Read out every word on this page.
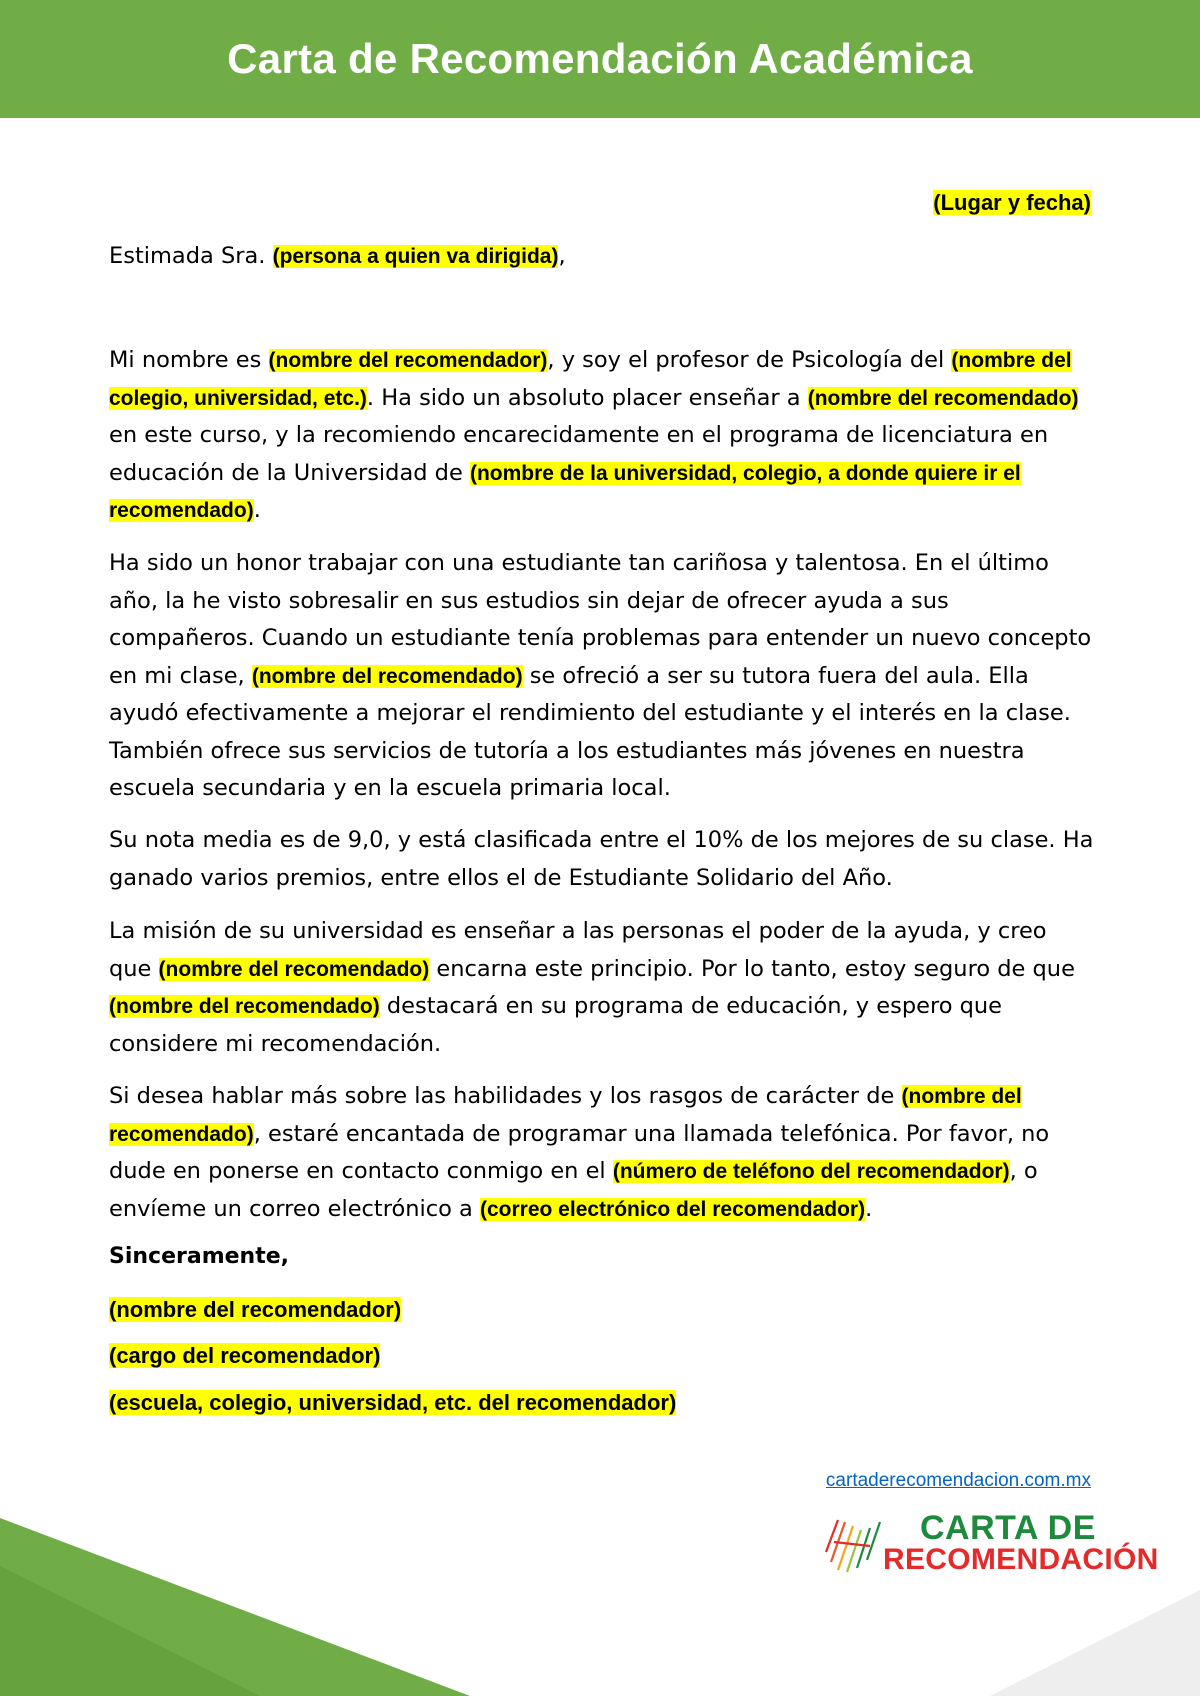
Carta de Recomendación Académica
(Lugar y fecha)
Estimada Sra. (persona a quien va dirigida),

Mi nombre es (nombre del recomendador), y soy el profesor de Psicología del (nombre del colegio, universidad, etc.). Ha sido un absoluto placer enseñar a (nombre del recomendado) en este curso, y la recomiendo encarecidamente en el programa de licenciatura en educación de la Universidad de (nombre de la universidad, colegio, a donde quiere ir el recomendado).

Ha sido un honor trabajar con una estudiante tan cariñosa y talentosa. En el último año, la he visto sobresalir en sus estudios sin dejar de ofrecer ayuda a sus compañeros. Cuando un estudiante tenía problemas para entender un nuevo concepto en mi clase, (nombre del recomendado) se ofreció a ser su tutora fuera del aula. Ella ayudó efectivamente a mejorar el rendimiento del estudiante y el interés en la clase. También ofrece sus servicios de tutoría a los estudiantes más jóvenes en nuestra escuela secundaria y en la escuela primaria local.

Su nota media es de 9,0, y está clasificada entre el 10% de los mejores de su clase. Ha ganado varios premios, entre ellos el de Estudiante Solidario del Año.

La misión de su universidad es enseñar a las personas el poder de la ayuda, y creo que (nombre del recomendado) encarna este principio. Por lo tanto, estoy seguro de que (nombre del recomendado) destacará en su programa de educación, y espero que considere mi recomendación.

Si desea hablar más sobre las habilidades y los rasgos de carácter de (nombre del recomendado), estaré encantada de programar una llamada telefónica. Por favor, no dude en ponerse en contacto conmigo en el (número de teléfono del recomendador), o envíeme un correo electrónico a (correo electrónico del recomendador).

Sinceramente,

(nombre del recomendador)

(cargo del recomendador)

(escuela, colegio, universidad, etc. del recomendador)

cartaderecomendacion.com.mx
CARTA DE
RECOMENDACIÓN
